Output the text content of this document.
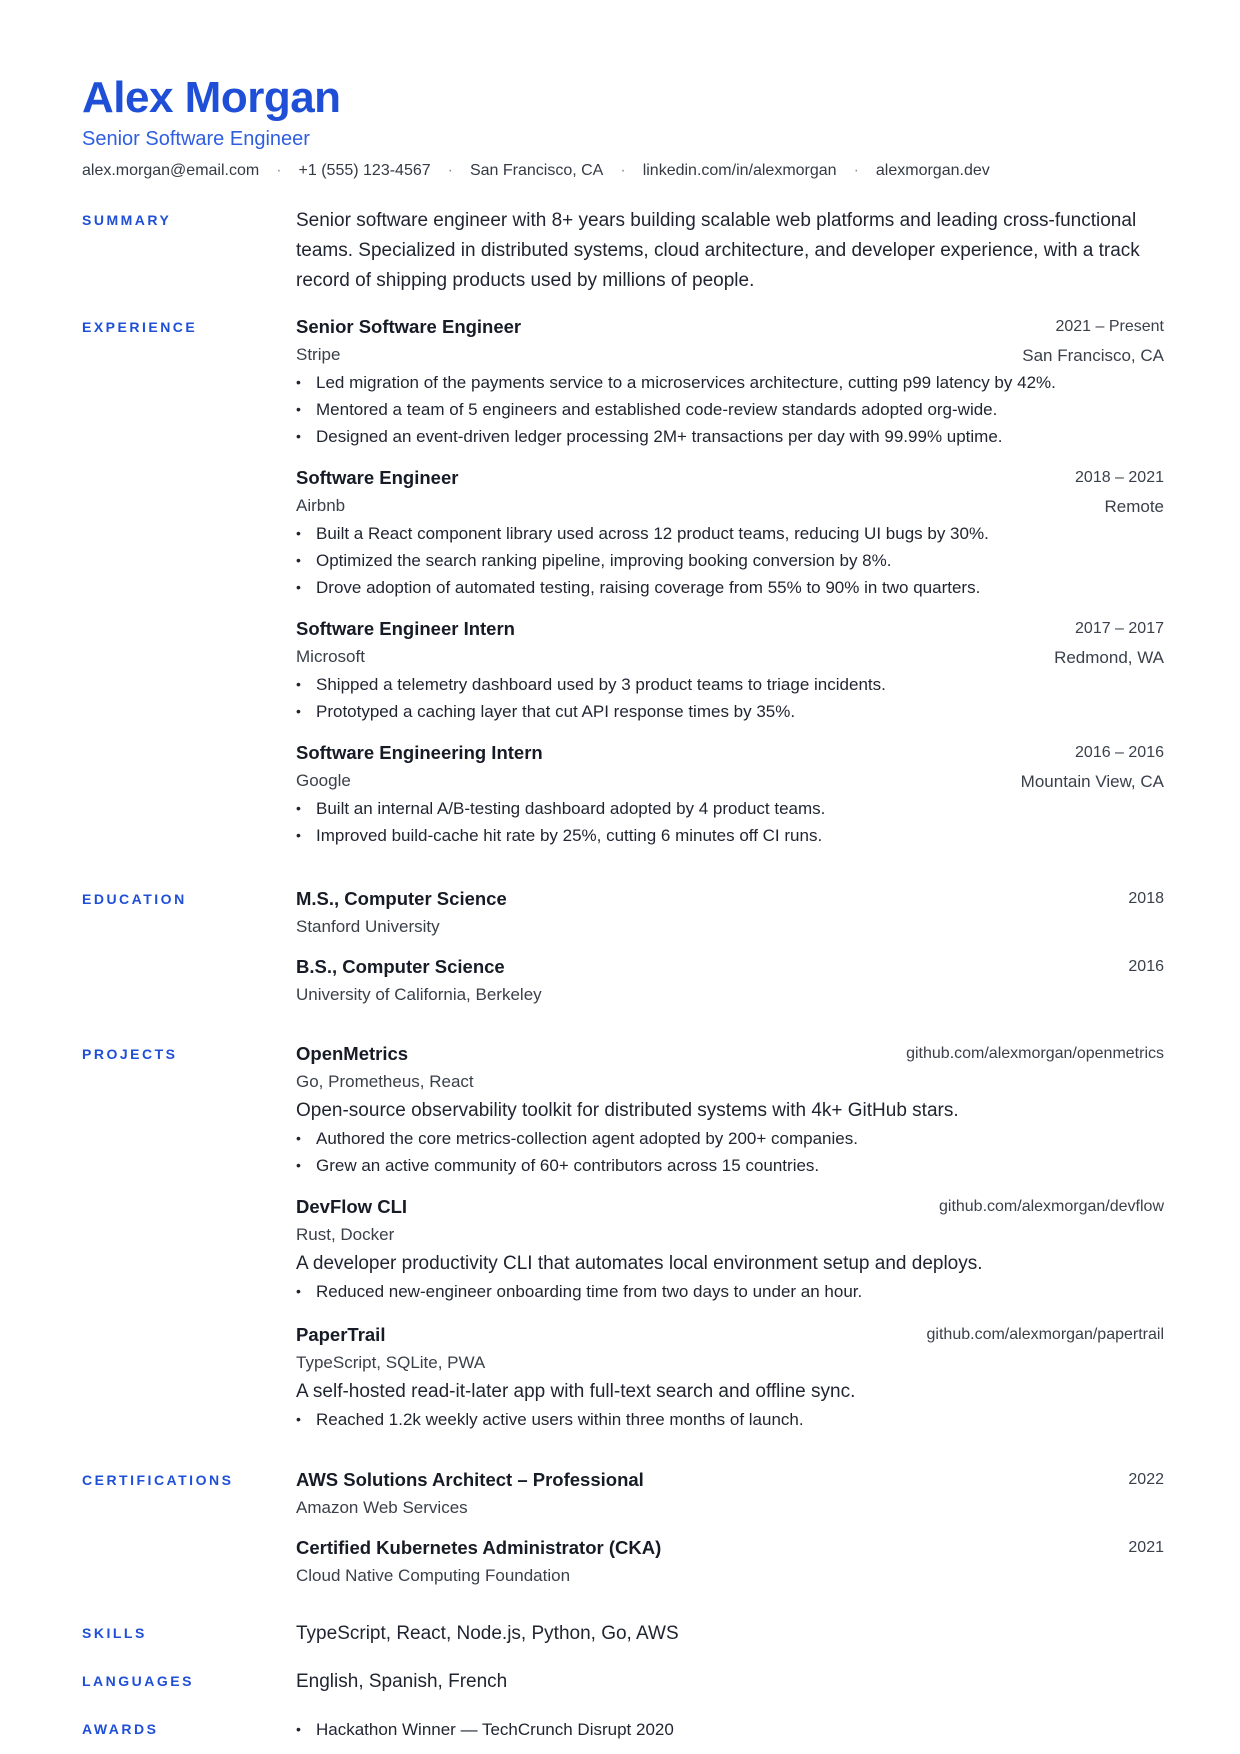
Alex Morgan
Senior Software Engineer
alex.morgan@email.com	·	+1 (555) 123-4567	·	San Francisco, CA	·	linkedin.com/in/alexmorgan	·	alexmorgan.dev
SUMMARY	Senior software engineer with 8+ years building scalable web platforms and leading cross-functional teams. Specialized in distributed systems, cloud architecture, and developer experience, with a track record of shipping products used by millions of people.
EXPERIENCE	Senior Software Engineer	2021 – Present
Stripe	San Francisco, CA
• Led migration of the payments service to a microservices architecture, cutting p99 latency by 42%.
• Mentored a team of 5 engineers and established code-review standards adopted org-wide.
• Designed an event-driven ledger processing 2M+ transactions per day with 99.99% uptime.
Software Engineer	2018 – 2021
Airbnb	Remote
• Built a React component library used across 12 product teams, reducing UI bugs by 30%.
• Optimized the search ranking pipeline, improving booking conversion by 8%.
• Drove adoption of automated testing, raising coverage from 55% to 90% in two quarters.
Software Engineer Intern	2017 – 2017
Microsoft	Redmond, WA
• Shipped a telemetry dashboard used by 3 product teams to triage incidents.
• Prototyped a caching layer that cut API response times by 35%.
Software Engineering Intern	2016 – 2016
Google	Mountain View, CA
• Built an internal A/B-testing dashboard adopted by 4 product teams.
• Improved build-cache hit rate by 25%, cutting 6 minutes off CI runs.
EDUCATION	M.S., Computer Science	2018
Stanford University
B.S., Computer Science	2016
University of California, Berkeley
PROJECTS	OpenMetrics	github.com/alexmorgan/openmetrics
Go, Prometheus, React
Open-source observability toolkit for distributed systems with 4k+ GitHub stars.
• Authored the core metrics-collection agent adopted by 200+ companies.
• Grew an active community of 60+ contributors across 15 countries.
DevFlow CLI	github.com/alexmorgan/devflow
Rust, Docker
A developer productivity CLI that automates local environment setup and deploys.
• Reduced new-engineer onboarding time from two days to under an hour.
PaperTrail	github.com/alexmorgan/papertrail
TypeScript, SQLite, PWA
A self-hosted read-it-later app with full-text search and offline sync.
• Reached 1.2k weekly active users within three months of launch.
CERTIFICATIONS	AWS Solutions Architect – Professional	2022
Amazon Web Services
Certified Kubernetes Administrator (CKA)	2021
Cloud Native Computing Foundation
SKILLS	TypeScript, React, Node.js, Python, Go, AWS
LANGUAGES	English, Spanish, French
AWARDS
•	Hackathon Winner — TechCrunch Disrupt 2020
